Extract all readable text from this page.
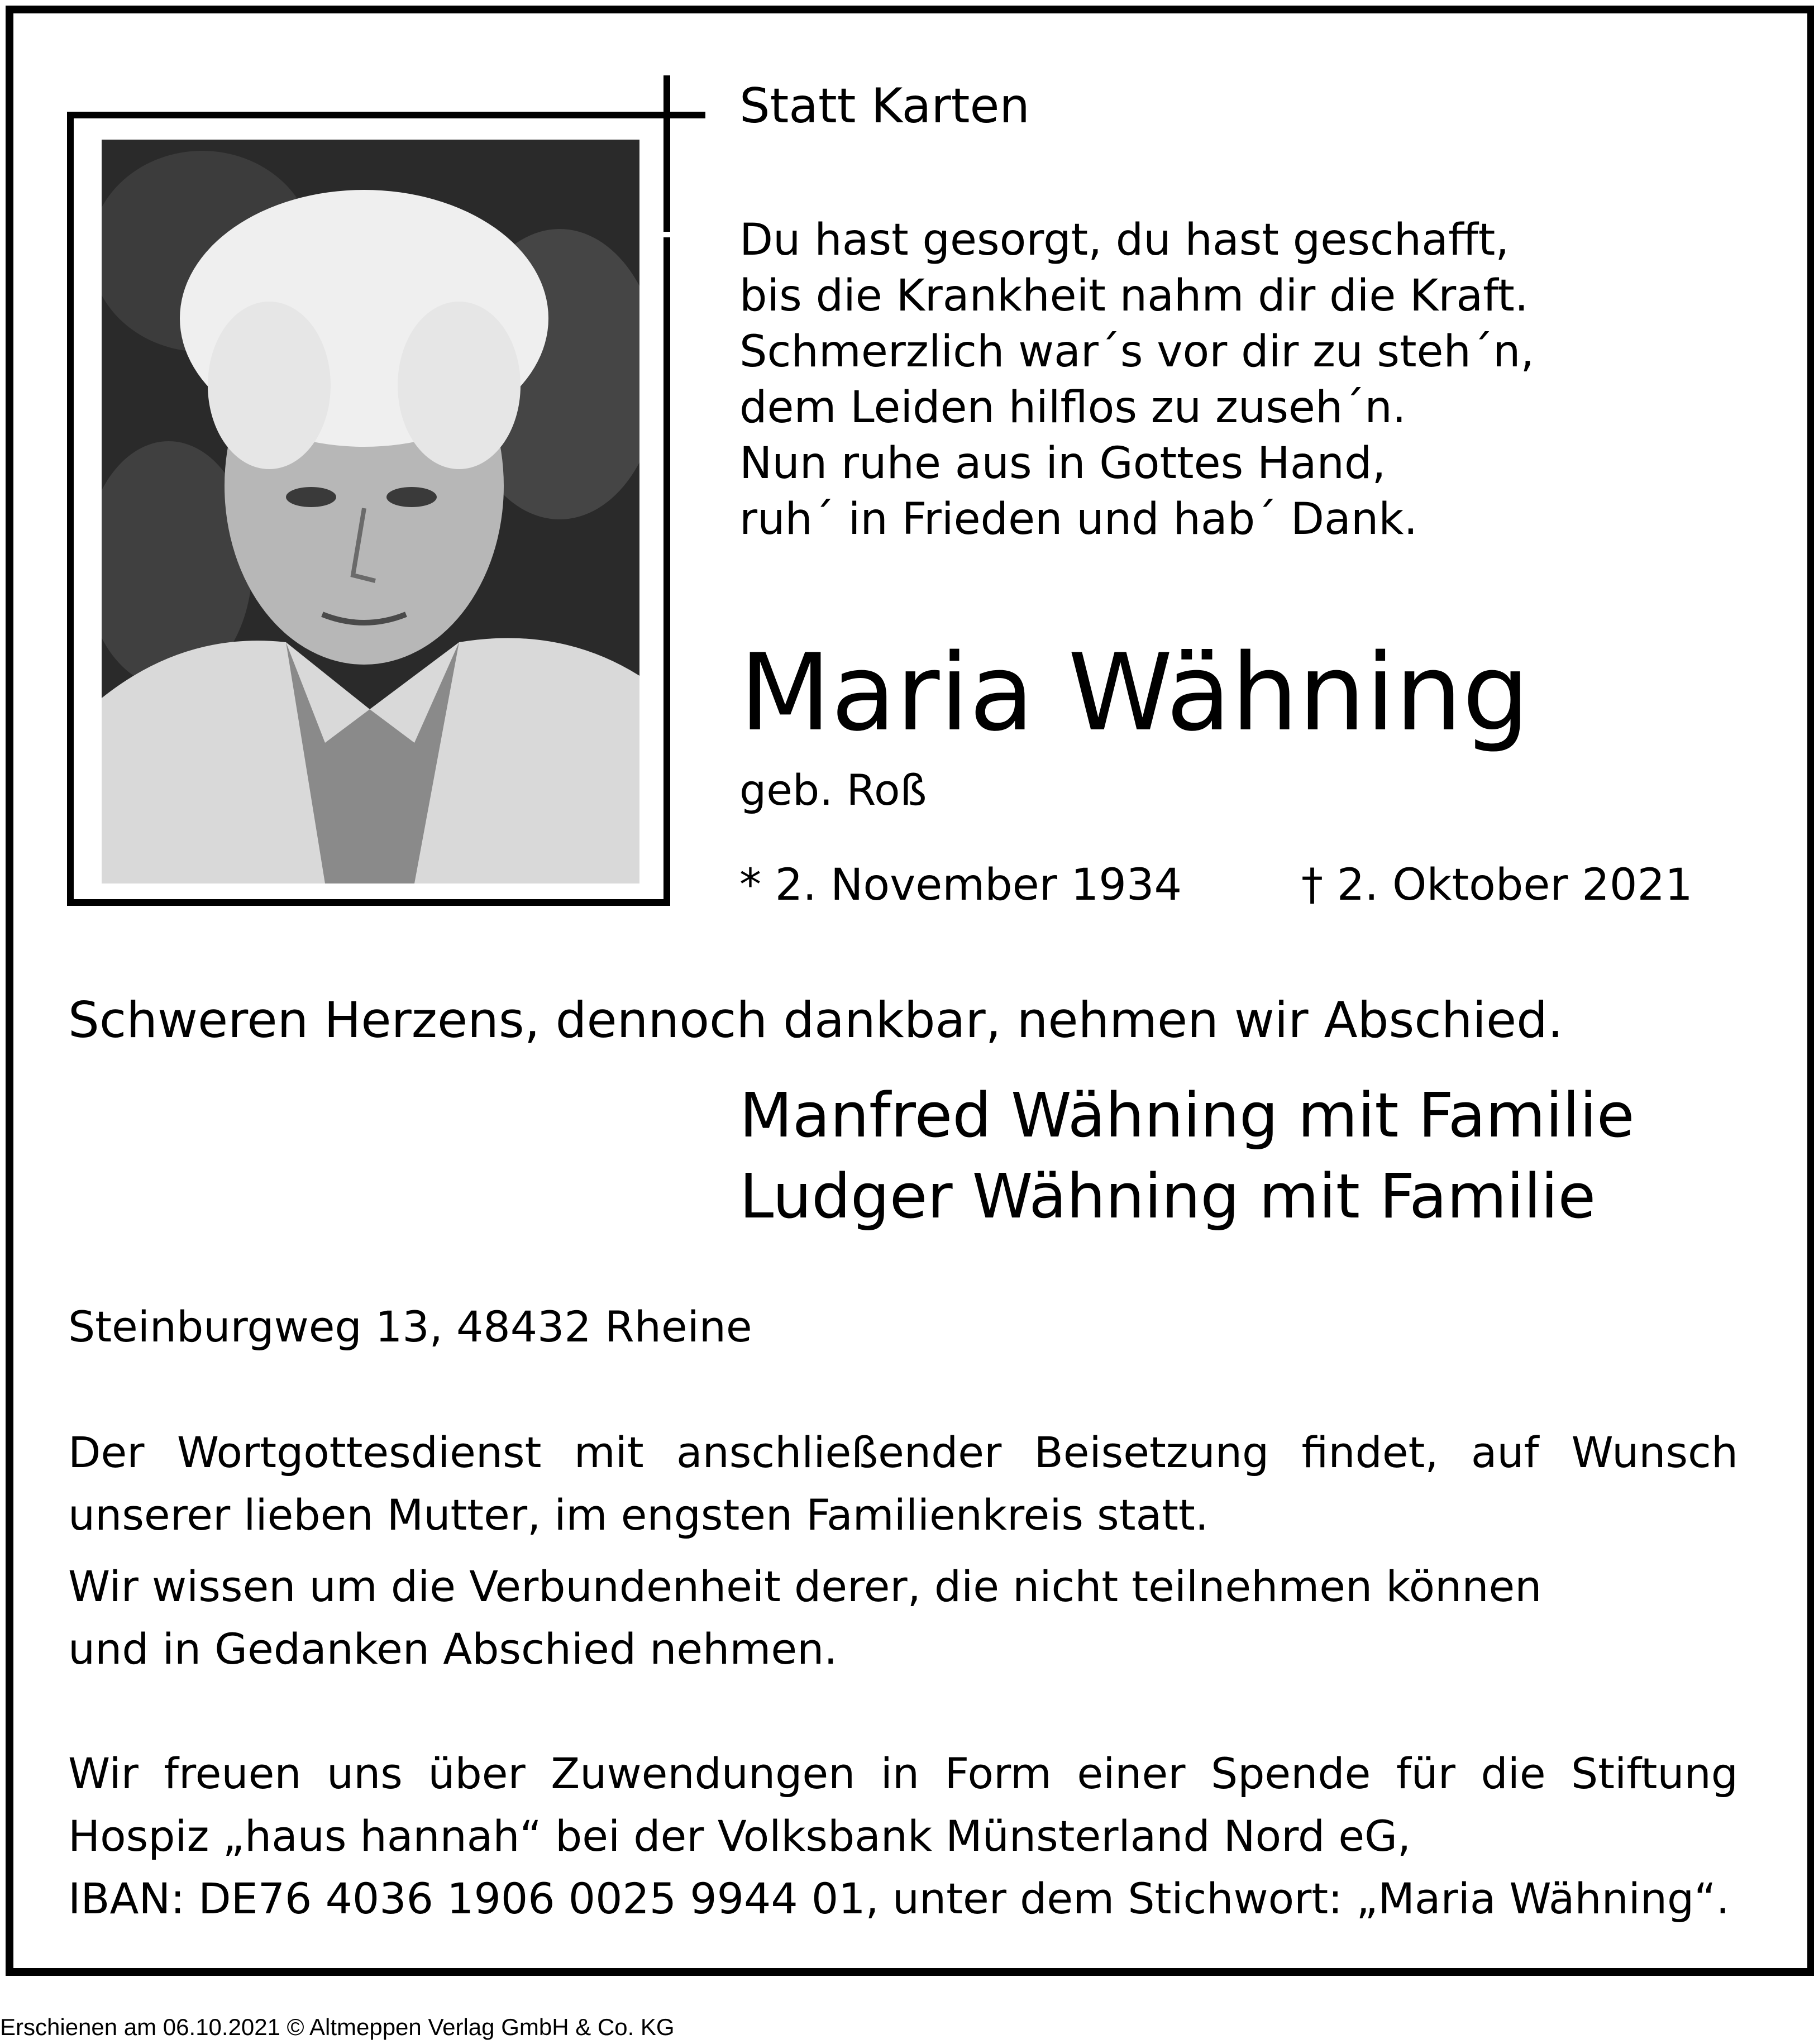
Statt Karten
Du hast gesorgt, du hast geschafft,
bis die Krankheit nahm dir die Kraft.
Schmerzlich war´s vor dir zu steh´n,
dem Leiden hilflos zu zuseh´n.
Nun ruhe aus in Gottes Hand,
ruh´ in Frieden und hab´ Dank.
Maria Wähning
geb. Roß
* 2. November 1934	† 2. Oktober 2021
Schweren Herzens, dennoch dankbar, nehmen wir Abschied.
Manfred Wähning mit Familie
Ludger Wähning mit Familie
Steinburgweg 13, 48432 Rheine
Der Wortgottesdienst mit anschließender Beisetzung findet, auf Wunsch
unserer lieben Mutter, im engsten Familienkreis statt.
Wir wissen um die Verbundenheit derer, die nicht teilnehmen können
und in Gedanken Abschied nehmen.
Wir freuen uns über Zuwendungen in Form einer Spende für die Stiftung
Hospiz „haus hannah“ bei der Volksbank Münsterland Nord eG,
IBAN: DE76 4036 1906 0025 9944 01, unter dem Stichwort: „Maria Wähning“.
Erschienen am 06.10.2021 © Altmeppen Verlag GmbH & Co. KG
